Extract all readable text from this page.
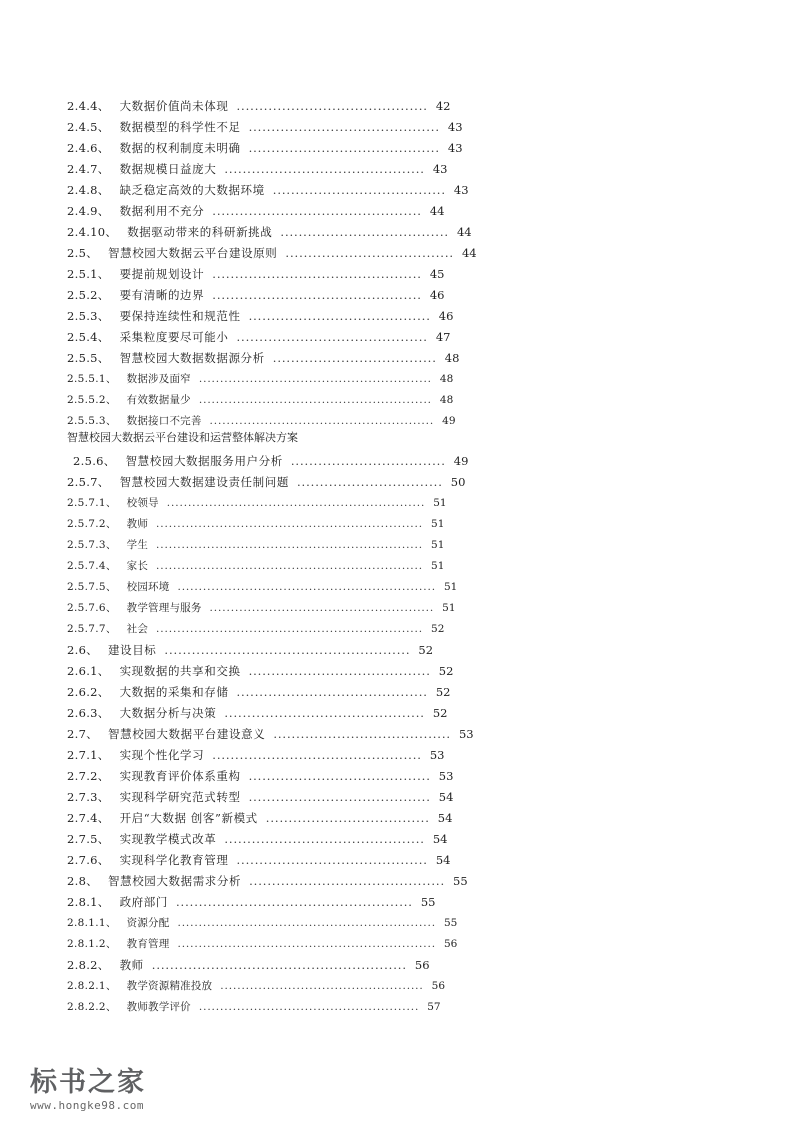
2.4.4、 大数据价值尚未体现 .......................................... 42
2.4.5、 数据模型的科学性不足 .......................................... 43
2.4.6、 数据的权利制度未明确 .......................................... 43
2.4.7、 数据规模日益庞大 ............................................ 43
2.4.8、 缺乏稳定高效的大数据环境 ...................................... 43
2.4.9、 数据利用不充分 .............................................. 44
2.4.10、 数据驱动带来的科研新挑战 ..................................... 44
2.5、 智慧校园大数据云平台建设原则 ..................................... 44
2.5.1、 要提前规划设计 .............................................. 45
2.5.2、 要有清晰的边界 .............................................. 46
2.5.3、 要保持连续性和规范性 ........................................ 46
2.5.4、 采集粒度要尽可能小 .......................................... 47
2.5.5、 智慧校园大数据数据源分析 .................................... 48
2.5.5.1、 数据涉及面窄 ....................................................... 48
2.5.5.2、 有效数据量少 ....................................................... 48
2.5.5.3、 数据接口不完善 ..................................................... 49
智慧校园大数据云平台建设和运营整体解决方案
2.5.6、 智慧校园大数据服务用户分析 .................................. 49
2.5.7、 智慧校园大数据建设责任制问题 ................................ 50
2.5.7.1、 校领导 ............................................................. 51
2.5.7.2、 教师 ............................................................... 51
2.5.7.3、 学生 ............................................................... 51
2.5.7.4、 家长 ............................................................... 51
2.5.7.5、 校园环境 ............................................................. 51
2.5.7.6、 教学管理与服务 ..................................................... 51
2.5.7.7、 社会 ............................................................... 52
2.6、 建设目标 ...................................................... 52
2.6.1、 实现数据的共享和交换 ........................................ 52
2.6.2、 大数据的采集和存储 .......................................... 52
2.6.3、 大数据分析与决策 ............................................ 52
2.7、 智慧校园大数据平台建设意义 ....................................... 53
2.7.1、 实现个性化学习 .............................................. 53
2.7.2、 实现教育评价体系重构 ........................................ 53
2.7.3、 实现科学研究范式转型 ........................................ 54
2.7.4、 开启“大数据 创客”新模式 .................................... 54
2.7.5、 实现教学模式改革 ............................................ 54
2.7.6、 实现科学化教育管理 .......................................... 54
2.8、 智慧校园大数据需求分析 ........................................... 55
2.8.1、 政府部门 .................................................... 55
2.8.1.1、 资源分配 ............................................................. 55
2.8.1.2、 教育管理 ............................................................. 56
2.8.2、 教师 ........................................................ 56
2.8.2.1、 教学资源精准投放 ................................................ 56
2.8.2.2、 教师教学评价 .................................................... 57
标书之家
www.hongke98.com
